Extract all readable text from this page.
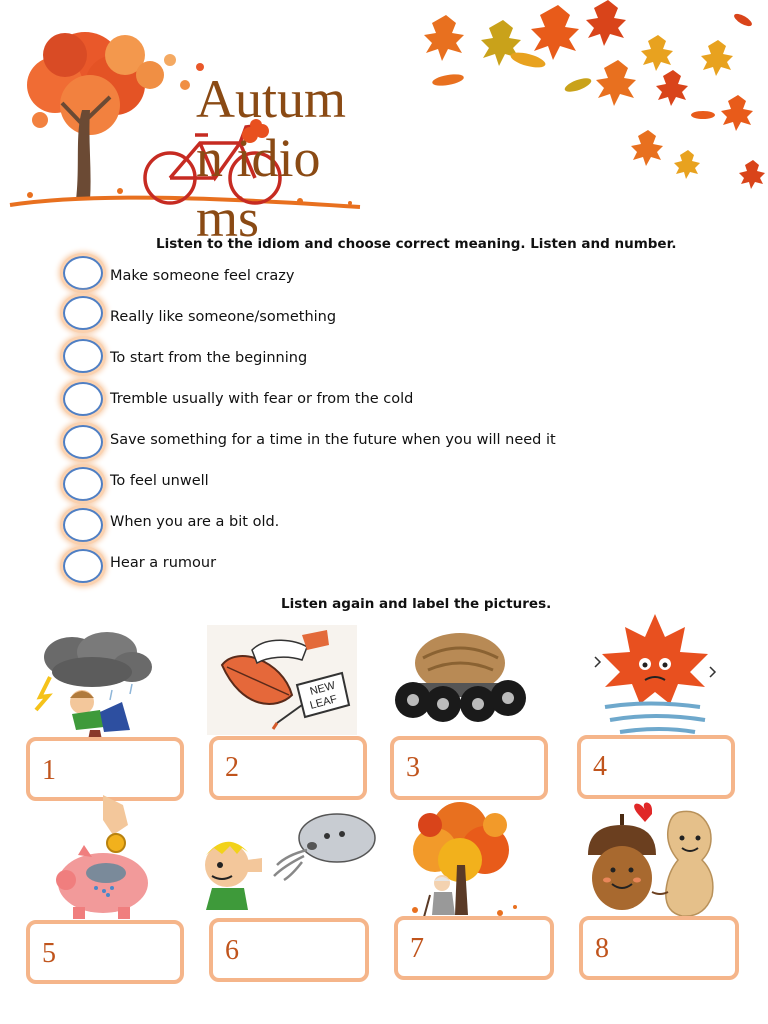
Autumn idioms
Listen to the idiom and choose correct meaning. Listen and number.
Make someone feel crazy
Really like someone/something
To start from the beginning
Tremble usually with fear or from the cold
Save something for a time in the future when you will need it
To feel unwell
When you are a bit old.
Hear a rumour
Listen again and label the pictures.
NEW
LEAF
1	2	3	4
5	6	7	8
